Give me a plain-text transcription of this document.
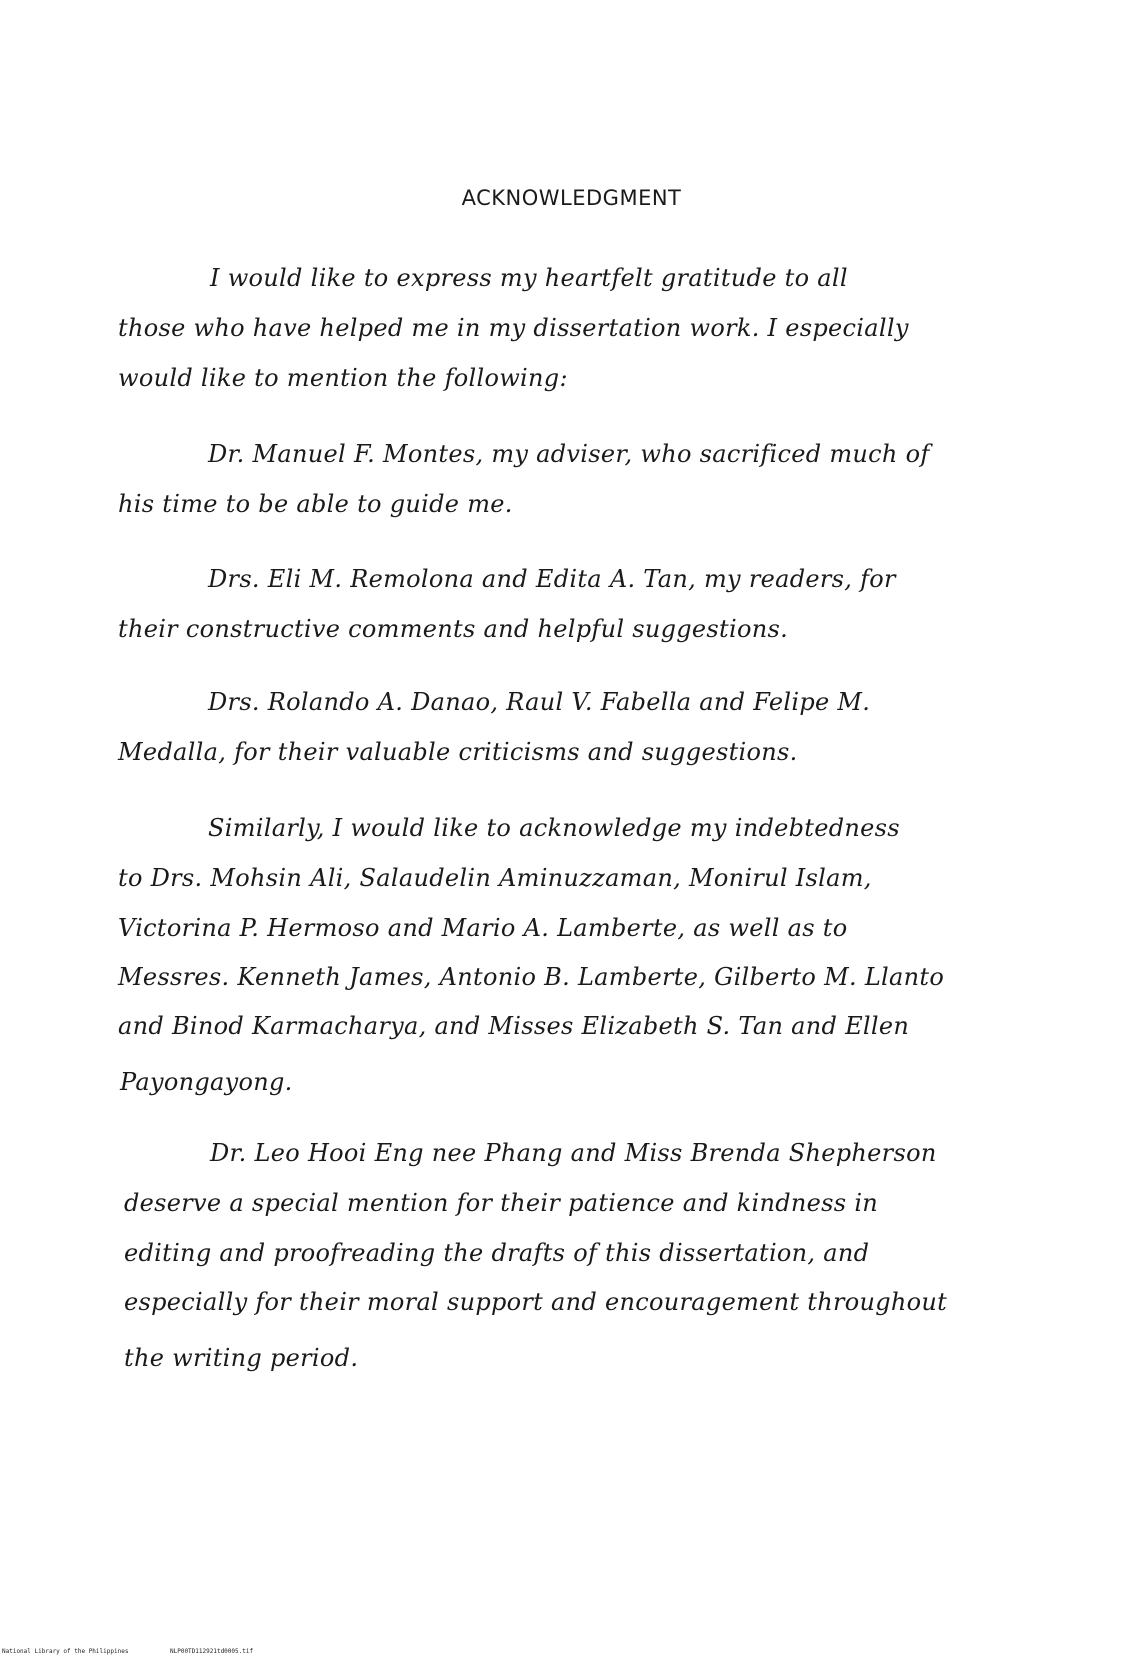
ACKNOWLEDGMENT
I would like to express my heartfelt gratitude to all
those who have helped me in my dissertation work. I especially
would like to mention the following:
Dr. Manuel F. Montes, my adviser, who sacrificed much of
his time to be able to guide me.
Drs. Eli M. Remolona and Edita A. Tan, my readers, for
their constructive comments and helpful suggestions.
Drs. Rolando A. Danao, Raul V. Fabella and Felipe M.
Medalla, for their valuable criticisms and suggestions.
Similarly, I would like to acknowledge my indebtedness
to Drs. Mohsin Ali, Salaudelin Aminuzzaman, Monirul Islam,
Victorina P. Hermoso and Mario A. Lamberte, as well as to
Messres. Kenneth James, Antonio B. Lamberte, Gilberto M. Llanto
and Binod Karmacharya, and Misses Elizabeth S. Tan and Ellen
Payongayong.
Dr. Leo Hooi Eng nee Phang and Miss Brenda Shepherson
deserve a special mention for their patience and kindness in
editing and proofreading the drafts of this dissertation, and
especially for their moral support and encouragement throughout
the writing period.
National Library of the Philippines	NLP00TD112921td0005.tif
